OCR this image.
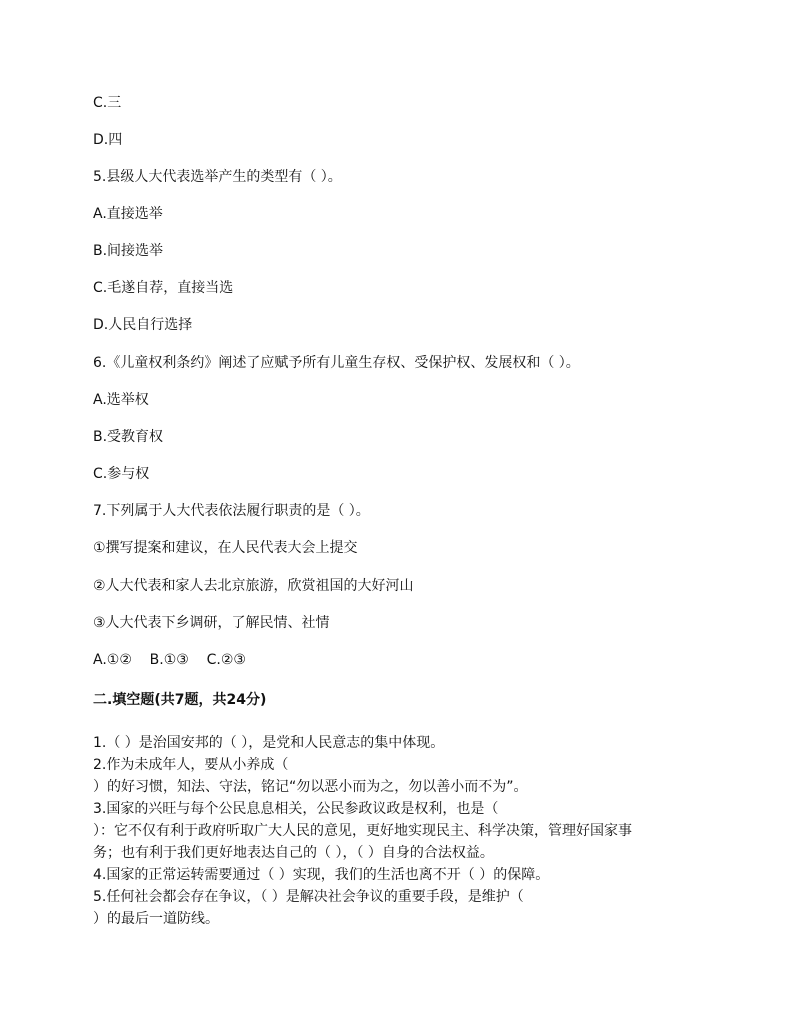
C.三
D.四
5.县级人大代表选举产生的类型有（ ）。
A.直接选举
B.间接选举
C.毛遂自荐，直接当选
D.人民自行选择
6.《儿童权利条约》阐述了应赋予所有儿童生存权、受保护权、发展权和（ ）。
A.选举权
B.受教育权
C.参与权
7.下列属于人大代表依法履行职责的是（ ）。
①撰写提案和建议，在人民代表大会上提交
②人大代表和家人去北京旅游，欣赏祖国的大好河山
③人大代表下乡调研，了解民情、社情
A.①②    B.①③    C.②③
二.填空题(共7题，共24分)
1.（ ）是治国安邦的（ ），是党和人民意志的集中体现。
2.作为未成年人，要从小养成（
）的好习惯，知法、守法，铭记“勿以恶小而为之，勿以善小而不为”。
3.国家的兴旺与每个公民息息相关，公民参政议政是权利，也是（
）：它不仅有利于政府听取广大人民的意见，更好地实现民主、科学决策，管理好国家事
务；也有利于我们更好地表达自己的（ ），（ ）自身的合法权益。
4.国家的正常运转需要通过（ ）实现，我们的生活也离不开（ ）的保障。
5.任何社会都会存在争议，（ ）是解决社会争议的重要手段，是维护（
）的最后一道防线。
